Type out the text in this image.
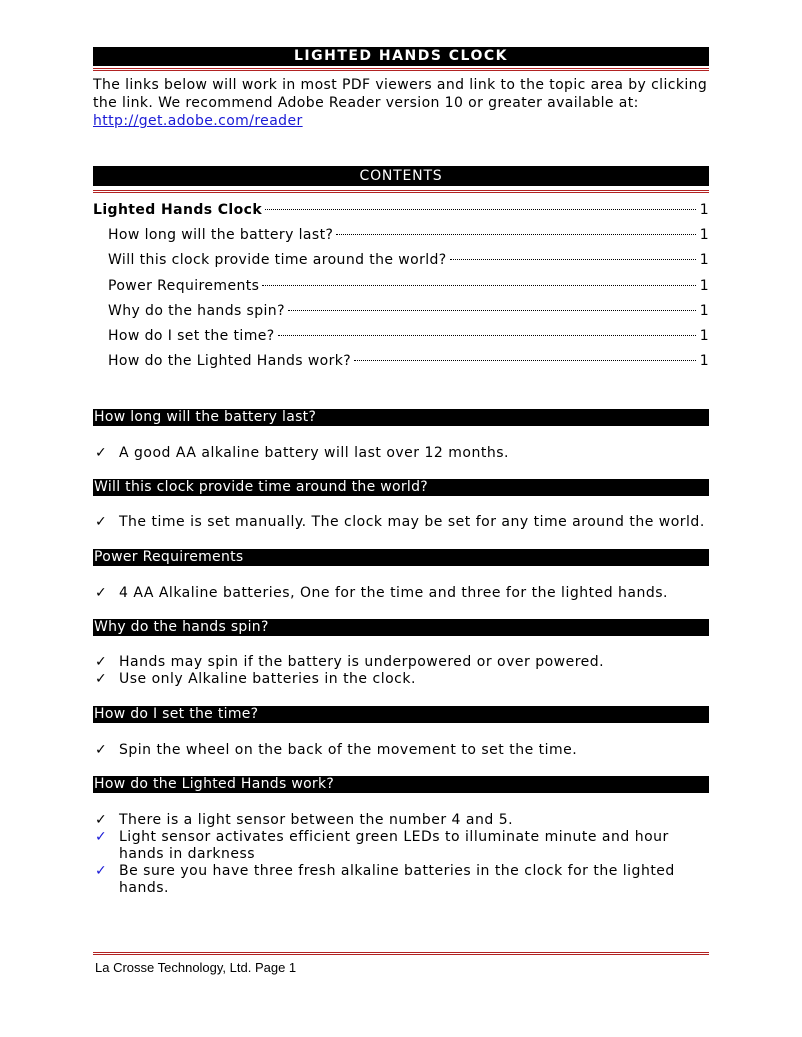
LIGHTED HANDS CLOCK
The links below will work in most PDF viewers and link to the topic area by clicking the link. We recommend Adobe Reader version 10 or greater available at:
http://get.adobe.com/reader
CONTENTS
Lighted Hands Clock	1
How long will the battery last?	1
Will this clock provide time around the world?	1
Power Requirements	1
Why do the hands spin?	1
How do I set the time?	1
How do the Lighted Hands work?	1
How long will the battery last?
✓ A good AA alkaline battery will last over 12 months.
Will this clock provide time around the world?
✓ The time is set manually. The clock may be set for any time around the world.
Power Requirements
✓ 4 AA Alkaline batteries, One for the time and three for the lighted hands.
Why do the hands spin?
✓ Hands may spin if the battery is underpowered or over powered.
✓ Use only Alkaline batteries in the clock.
How do I set the time?
✓ Spin the wheel on the back of the movement to set the time.
How do the Lighted Hands work?
✓ There is a light sensor between the number 4 and 5.
✓ Light sensor activates efficient green LEDs to illuminate minute and hour hands in darkness
✓ Be sure you have three fresh alkaline batteries in the clock for the lighted hands.
La Crosse Technology, Ltd. Page 1
